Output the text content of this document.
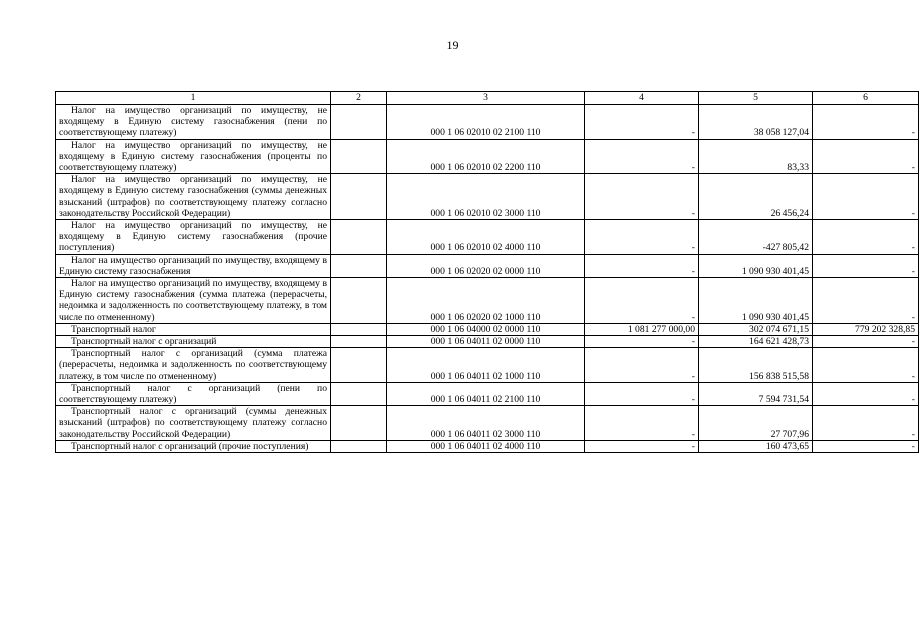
19
1	2	3	4	5	6
Налог на имущество организаций по имуществу, не входящему в Единую систему газоснабжения (пени по соответствующему платежу)		000 1 06 02010 02 2100 110	-	38 058 127,04	-
Налог на имущество организаций по имуществу, не входящему в Единую систему газоснабжения (проценты по соответствующему платежу)		000 1 06 02010 02 2200 110	-	83,33	-
Налог на имущество организаций по имуществу, не входящему в Единую систему газоснабжения (суммы денежных взысканий (штрафов) по соответствующему платежу согласно законодательству Российской Федерации)		000 1 06 02010 02 3000 110	-	26 456,24	-
Налог на имущество организаций по имуществу, не входящему в Единую систему газоснабжения (прочие поступления)		000 1 06 02010 02 4000 110	-	-427 805,42	-
Налог на имущество организаций по имуществу, входящему в Единую систему газоснабжения		000 1 06 02020 02 0000 110	-	1 090 930 401,45	-
Налог на имущество организаций по имуществу, входящему в Единую систему газоснабжения (сумма платежа (перерасчеты, недоимка и задолженность по соответствующему платежу, в том числе по отмененному)		000 1 06 02020 02 1000 110	-	1 090 930 401,45	-
Транспортный налог		000 1 06 04000 02 0000 110	1 081 277 000,00	302 074 671,15	779 202 328,85
Транспортный налог с организаций		000 1 06 04011 02 0000 110	-	164 621 428,73	-
Транспортный налог с организаций (сумма платежа (перерасчеты, недоимка и задолженность по соответствующему платежу, в том числе по отмененному)		000 1 06 04011 02 1000 110	-	156 838 515,58	-
Транспортный налог с организаций (пени по соответствующему платежу)		000 1 06 04011 02 2100 110	-	7 594 731,54	-
Транспортный налог с организаций (суммы денежных взысканий (штрафов) по соответствующему платежу согласно законодательству Российской Федерации)		000 1 06 04011 02 3000 110	-	27 707,96	-
Транспортный налог с организаций (прочие поступления)		000 1 06 04011 02 4000 110	-	160 473,65	-
